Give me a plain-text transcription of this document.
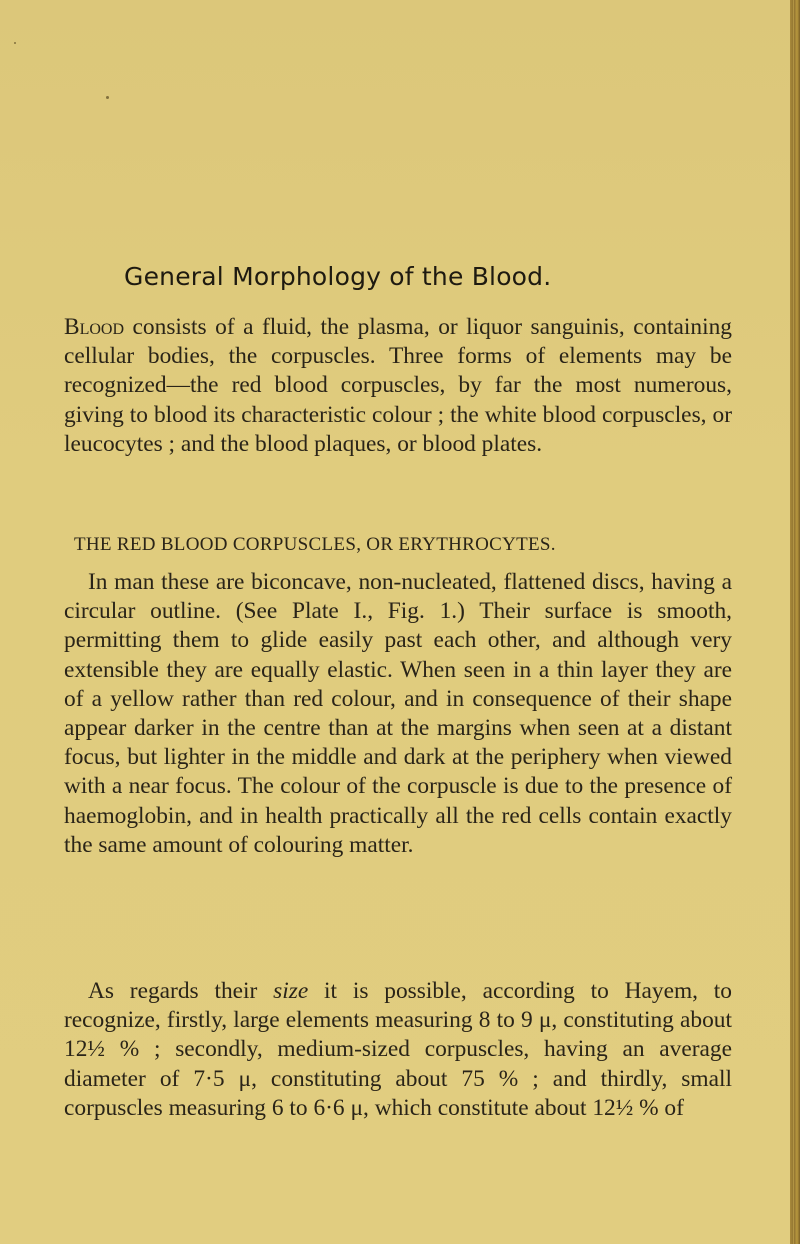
General Morphology of the Blood.

Blood consists of a fluid, the plasma, or liquor sanguinis, containing cellular bodies, the corpuscles. Three forms of elements may be recognized—the red blood corpuscles, by far the most numerous, giving to blood its characteristic colour ; the white blood corpuscles, or leucocytes ; and the blood plaques, or blood plates.

THE RED BLOOD CORPUSCLES, OR ERYTHROCYTES.

In man these are biconcave, non-nucleated, flattened discs, having a circular outline. (See Plate I., Fig. 1.) Their surface is smooth, permitting them to glide easily past each other, and although very extensible they are equally elastic. When seen in a thin layer they are of a yellow rather than red colour, and in consequence of their shape appear darker in the centre than at the margins when seen at a distant focus, but lighter in the middle and dark at the periphery when viewed with a near focus. The colour of the corpuscle is due to the presence of haemoglobin, and in health practically all the red cells contain exactly the same amount of colouring matter.

As regards their size it is possible, according to Hayem, to recognize, firstly, large elements measuring 8 to 9 μ, constituting about 12½ % ; secondly, medium-sized corpuscles, having an average diameter of 7·5 μ, constituting about 75 % ; and thirdly, small corpuscles measuring 6 to 6·6 μ, which constitute about 12½ % of
